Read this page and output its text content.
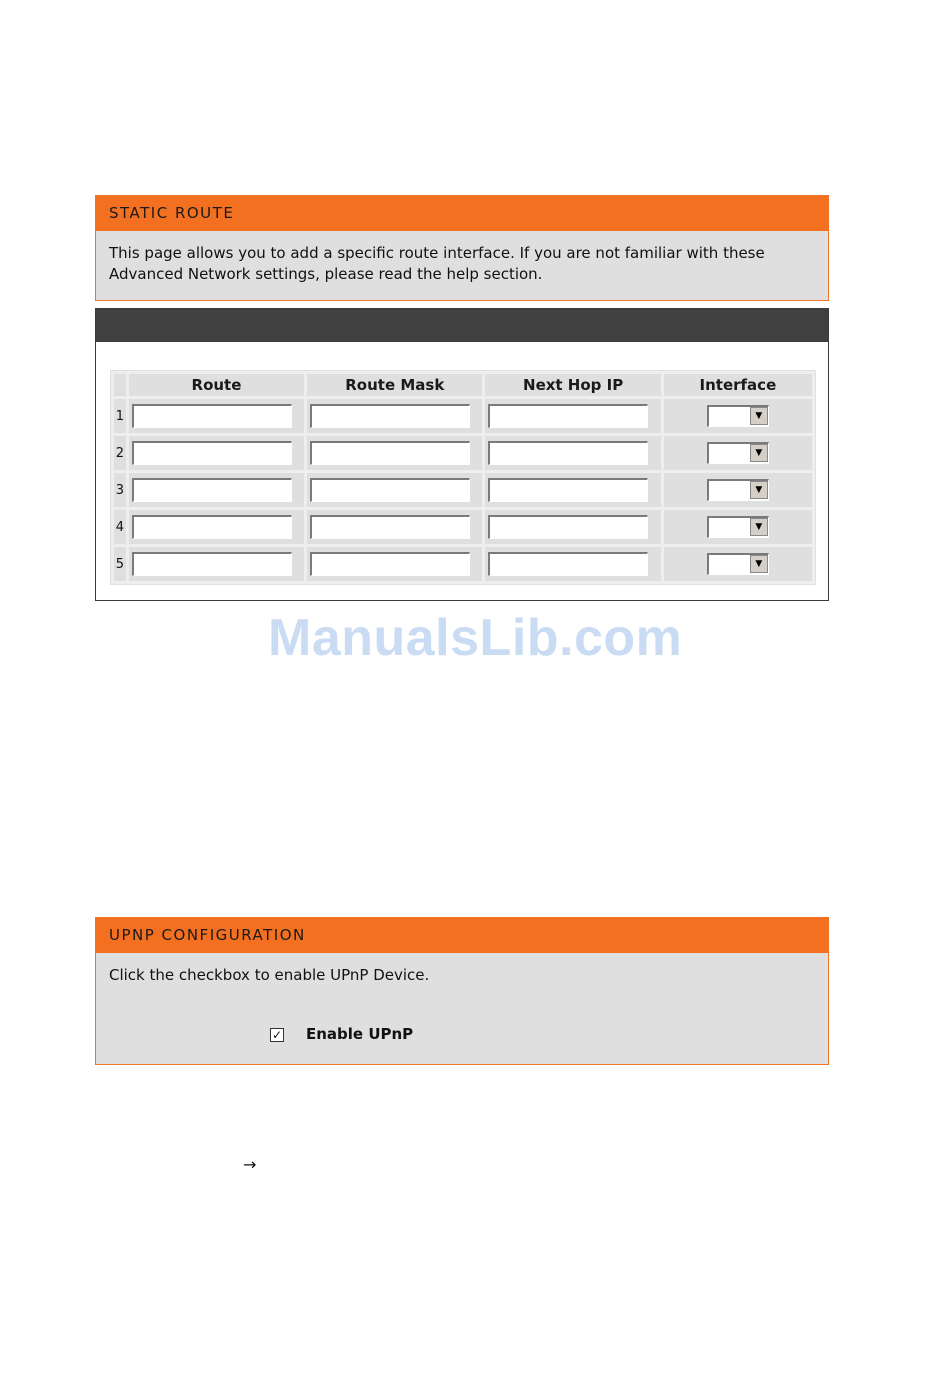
STATIC ROUTE
This page allows you to add a specific route interface. If you are not familiar with these Advanced Network settings, please read the help section.
	Route	Route Mask	Next Hop IP	Interface
1				▼

2				▼

3				▼

4				▼

5				▼
ManualsLib.com
UPNP CONFIGURATION
Click the checkbox to enable UPnP Device.
✓ Enable UPnP
→
